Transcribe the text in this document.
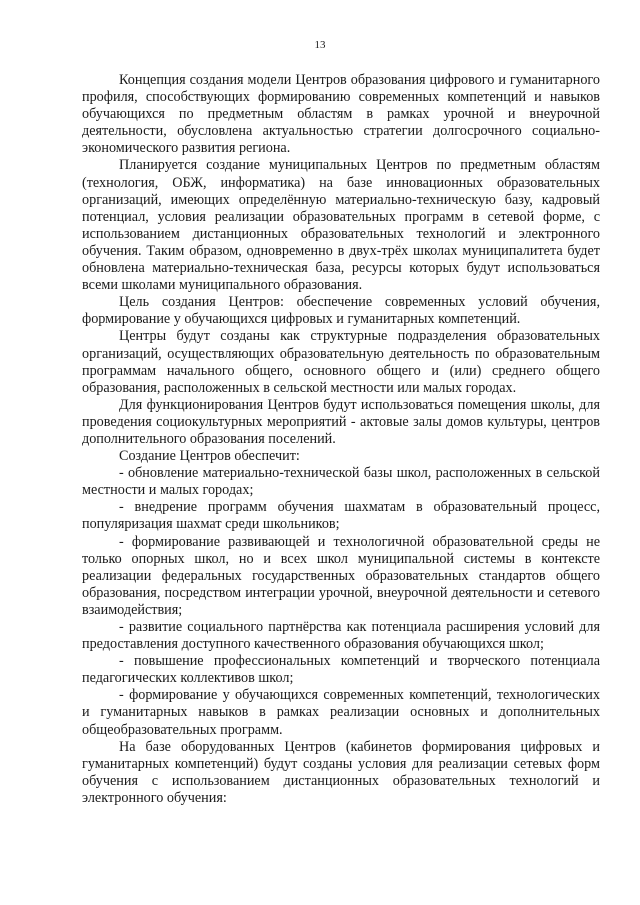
13

Концепция создания модели Центров образования цифрового и гуманитарного профиля, способствующих формированию современных компетенций и навыков обучающихся по предметным областям в рамках урочной и внеурочной деятельности, обусловлена актуальностью стратегии долгосрочного социально-экономического развития региона.

Планируется создание муниципальных Центров по предметным областям (технология, ОБЖ, информатика) на базе инновационных образовательных организаций, имеющих определённую материально-техническую базу, кадровый потенциал, условия реализации образовательных программ в сетевой форме, с использованием дистанционных образовательных технологий и электронного обучения. Таким образом, одновременно в двух-трёх школах муниципалитета будет обновлена материально-техническая база, ресурсы которых будут использоваться всеми школами муниципального образования.

Цель создания Центров: обеспечение современных условий обучения, формирование у обучающихся цифровых и гуманитарных компетенций.

Центры будут созданы как структурные подразделения образовательных организаций, осуществляющих образовательную деятельность по образовательным программам начального общего, основного общего и (или) среднего общего образования, расположенных в сельской местности или малых городах.

Для функционирования Центров будут использоваться помещения школы, для проведения социокультурных мероприятий - актовые залы домов культуры, центров дополнительного образования поселений.

Создание Центров обеспечит:

- обновление материально-технической базы школ, расположенных в сельской местности и малых городах;

- внедрение программ обучения шахматам в образовательный процесс, популяризация шахмат среди школьников;

- формирование развивающей и технологичной образовательной среды не только опорных школ, но и всех школ муниципальной системы в контексте реализации федеральных государственных образовательных стандартов общего образования, посредством интеграции урочной, внеурочной деятельности и сетевого взаимодействия;

- развитие социального партнёрства как потенциала расширения условий для предоставления доступного качественного образования обучающихся школ;

- повышение профессиональных компетенций и творческого потенциала педагогических коллективов школ;

- формирование у обучающихся современных компетенций, технологических и гуманитарных навыков в рамках реализации основных и дополнительных общеобразовательных программ.

На базе оборудованных Центров (кабинетов формирования цифровых и гуманитарных компетенций) будут созданы условия для реализации сетевых форм обучения с использованием дистанционных образовательных технологий и электронного обучения:
